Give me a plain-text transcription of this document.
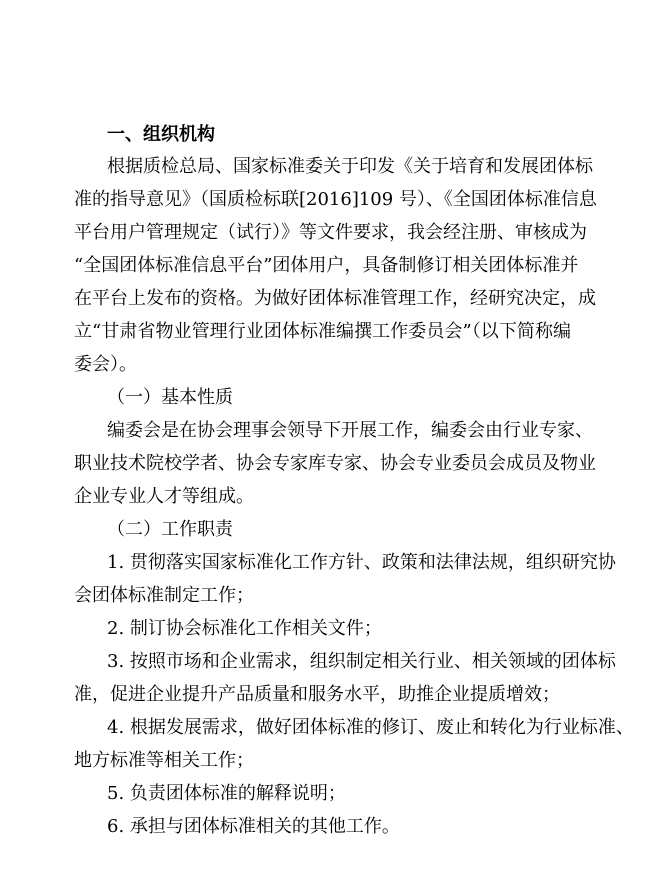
一、组织机构
根据质检总局、国家标准委关于印发《关于培育和发展团体标
准的指导意见》（国质检标联[2016]109 号）、《全国团体标准信息
平台用户管理规定（试行）》等文件要求，我会经注册、审核成为
“全国团体标准信息平台”团体用户，具备制修订相关团体标准并
在平台上发布的资格。为做好团体标准管理工作，经研究决定，成
立“甘肃省物业管理行业团体标准编撰工作委员会”（以下简称编
委会）。
（一）基本性质
编委会是在协会理事会领导下开展工作，编委会由行业专家、
职业技术院校学者、协会专家库专家、协会专业委员会成员及物业
企业专业人才等组成。
（二）工作职责
1. 贯彻落实国家标准化工作方针、政策和法律法规，组织研究协
会团体标准制定工作；
2. 制订协会标准化工作相关文件；
3. 按照市场和企业需求，组织制定相关行业、相关领域的团体标
准，促进企业提升产品质量和服务水平，助推企业提质增效；
4. 根据发展需求，做好团体标准的修订、废止和转化为行业标准、
地方标准等相关工作；
5. 负责团体标准的解释说明；
6. 承担与团体标准相关的其他工作。
